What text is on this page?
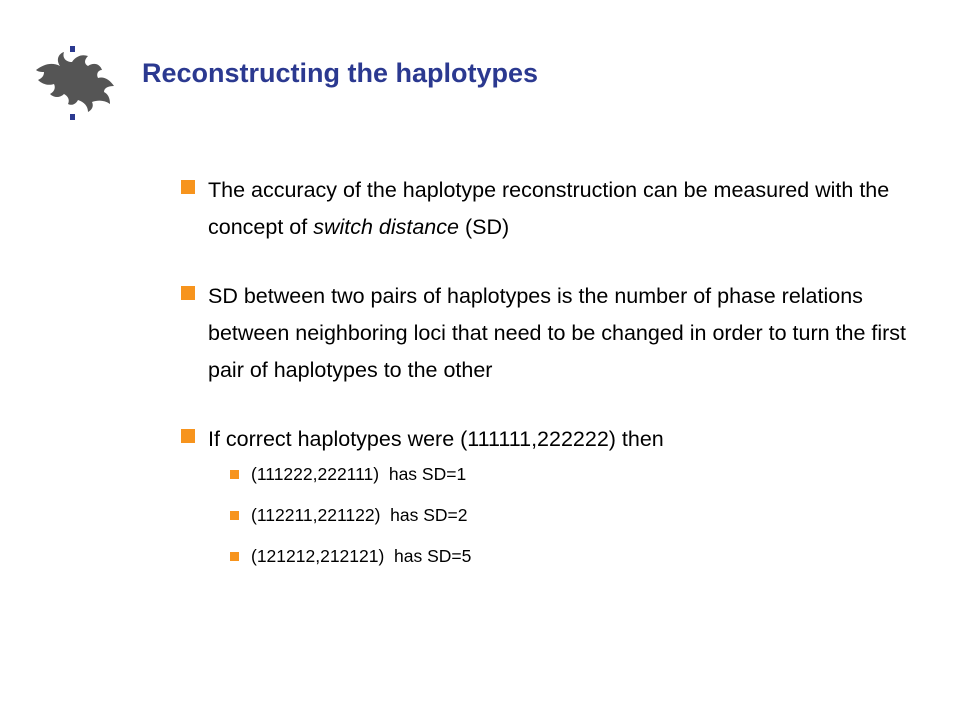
Reconstructing the haplotypes
The accuracy of the haplotype reconstruction can be measured with the concept of switch distance (SD)
SD between two pairs of haplotypes is the number of phase relations between neighboring loci that need to be changed in order to turn the first pair of haplotypes to the other
If correct haplotypes were (111111,222222) then
(111222,222111)  has SD=1
(112211,221122)  has SD=2
(121212,212121)  has SD=5
